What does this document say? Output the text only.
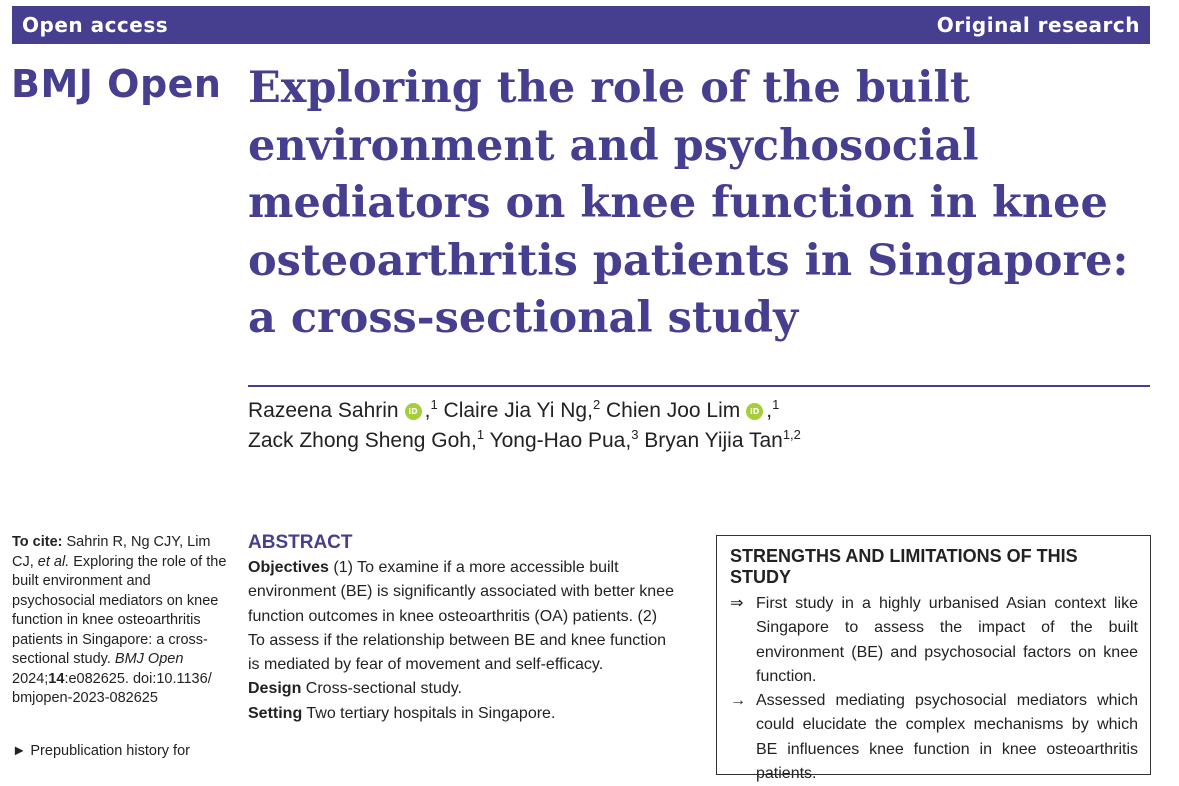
Open access	Original research
BMJ Open Exploring the role of the built environment and psychosocial mediators on knee function in knee osteoarthritis patients in Singapore: a cross-sectional study
Razeena Sahrin iD ,$^1$ Claire Jia Yi Ng,$^2$ Chien Joo Lim iD ,$^1$
Zack Zhong Sheng Goh,$^1$ Yong-Hao Pua,$^3$ Bryan Yijia Tan$^{1,2}$
To cite: Sahrin R, Ng CJY, Lim CJ, et al. Exploring the role of the built environment and psychosocial mediators on knee function in knee osteoarthritis patients in Singapore: a cross-sectional study. BMJ Open 2024;14:e082625. doi:10.1136/ bmjopen-2023-082625
► Prepublication history for
ABSTRACT
Objectives (1) To examine if a more accessible built environment (BE) is significantly associated with better knee function outcomes in knee osteoarthritis (OA) patients. (2) To assess if the relationship between BE and knee function is mediated by fear of movement and self-efficacy.
Design Cross-sectional study.
Setting Two tertiary hospitals in Singapore.
STRENGTHS AND LIMITATIONS OF THIS STUDY
⇒ First study in a highly urbanised Asian context like Singapore to assess the impact of the built environment (BE) and psychosocial factors on knee function.
→ Assessed mediating psychosocial mediators which could elucidate the complex mechanisms by which BE influences knee function in knee osteoarthritis patients.
